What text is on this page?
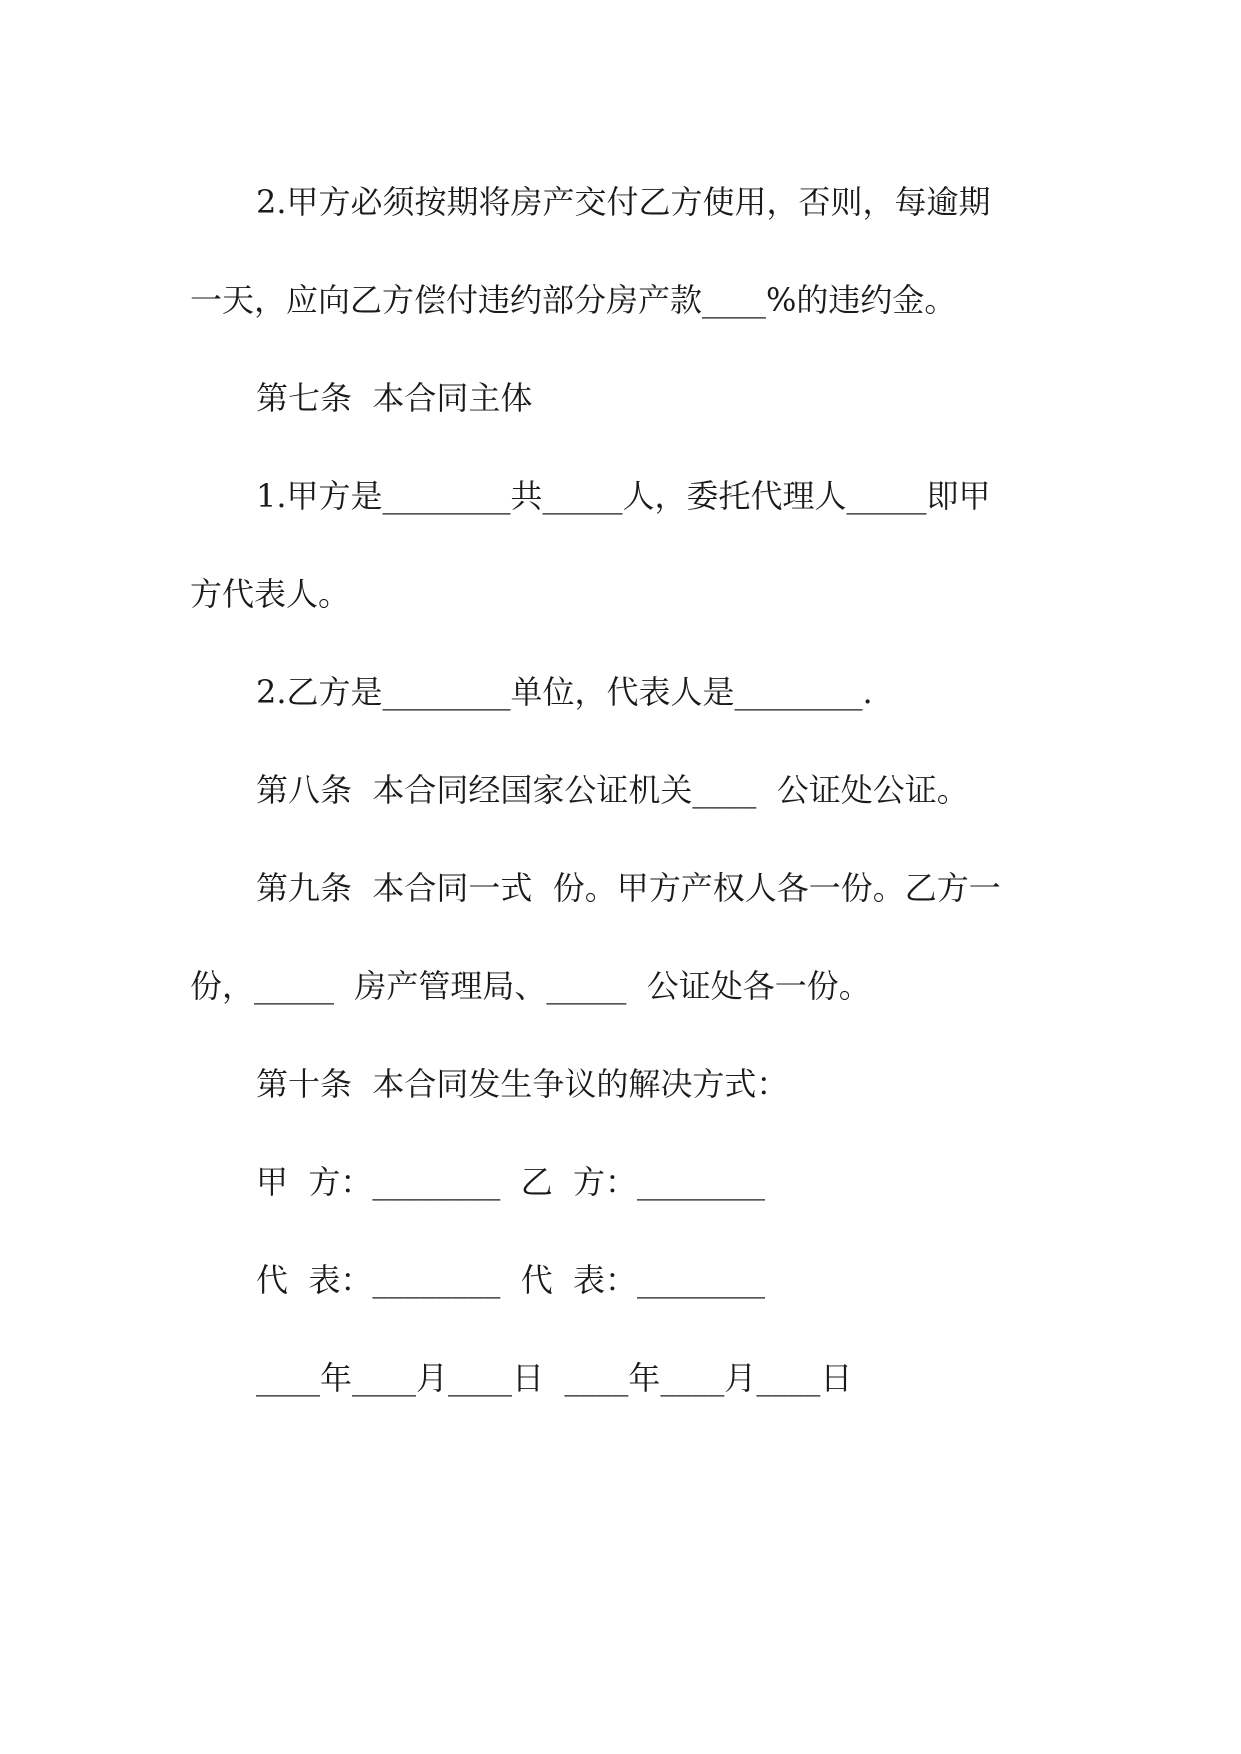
2.甲方必须按期将房产交付乙方使用，否则，每逾期
一天，应向乙方偿付违约部分房产款____%的违约金。
第七条  本合同主体
1.甲方是________共_____人，委托代理人_____即甲
方代表人。
2.乙方是________单位，代表人是________.
第八条  本合同经国家公证机关____  公证处公证。
第九条  本合同一式  份。甲方产权人各一份。乙方一
份，_____  房产管理局、_____  公证处各一份。
第十条  本合同发生争议的解决方式：
甲  方：________  乙  方：________
代  表：________  代  表：________
____年____月____日  ____年____月____日
